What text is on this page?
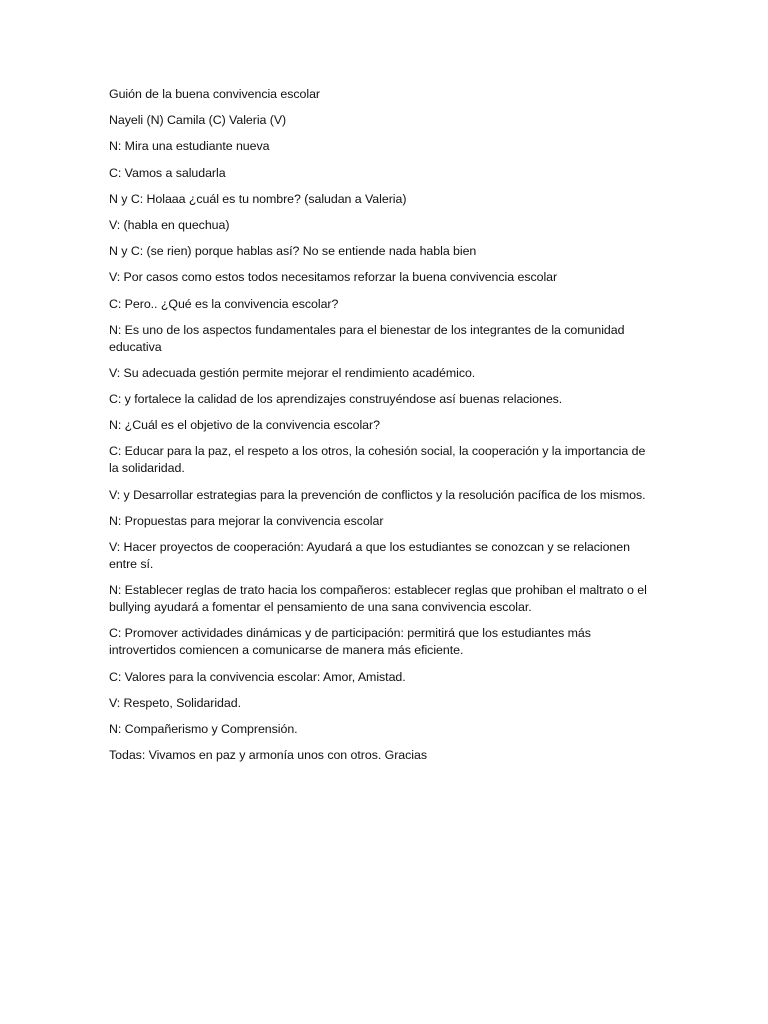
Guión de la buena convivencia escolar

Nayeli (N) Camila (C) Valeria (V)

N: Mira una estudiante nueva

C: Vamos a saludarla

N y C: Holaaa ¿cuál es tu nombre? (saludan a Valeria)

V: (habla en quechua)

N y C: (se rien) porque hablas así? No se entiende nada habla bien

V: Por casos como estos todos necesitamos reforzar la buena convivencia escolar

C: Pero.. ¿Qué es la convivencia escolar?

N: Es uno de los aspectos fundamentales para el bienestar de los integrantes de la comunidad educativa

V: Su adecuada gestión permite mejorar el rendimiento académico.

C: y fortalece la calidad de los aprendizajes construyéndose así buenas relaciones.

N: ¿Cuál es el objetivo de la convivencia escolar?

C: Educar para la paz, el respeto a los otros, la cohesión social, la cooperación y la importancia de la solidaridad.

V: y Desarrollar estrategias para la prevención de conflictos y la resolución pacífica de los mismos.

N: Propuestas para mejorar la convivencia escolar

V: Hacer proyectos de cooperación: Ayudará a que los estudiantes se conozcan y se relacionen entre sí.

N: Establecer reglas de trato hacia los compañeros: establecer reglas que prohiban el maltrato o el bullying ayudará a fomentar el pensamiento de una sana convivencia escolar.

C: Promover actividades dinámicas y de participación: permitirá que los estudiantes más introvertidos comiencen a comunicarse de manera más eficiente.

C: Valores para la convivencia escolar: Amor, Amistad.

V: Respeto, Solidaridad.

N: Compañerismo y Comprensión.

Todas: Vivamos en paz y armonía unos con otros. Gracias
